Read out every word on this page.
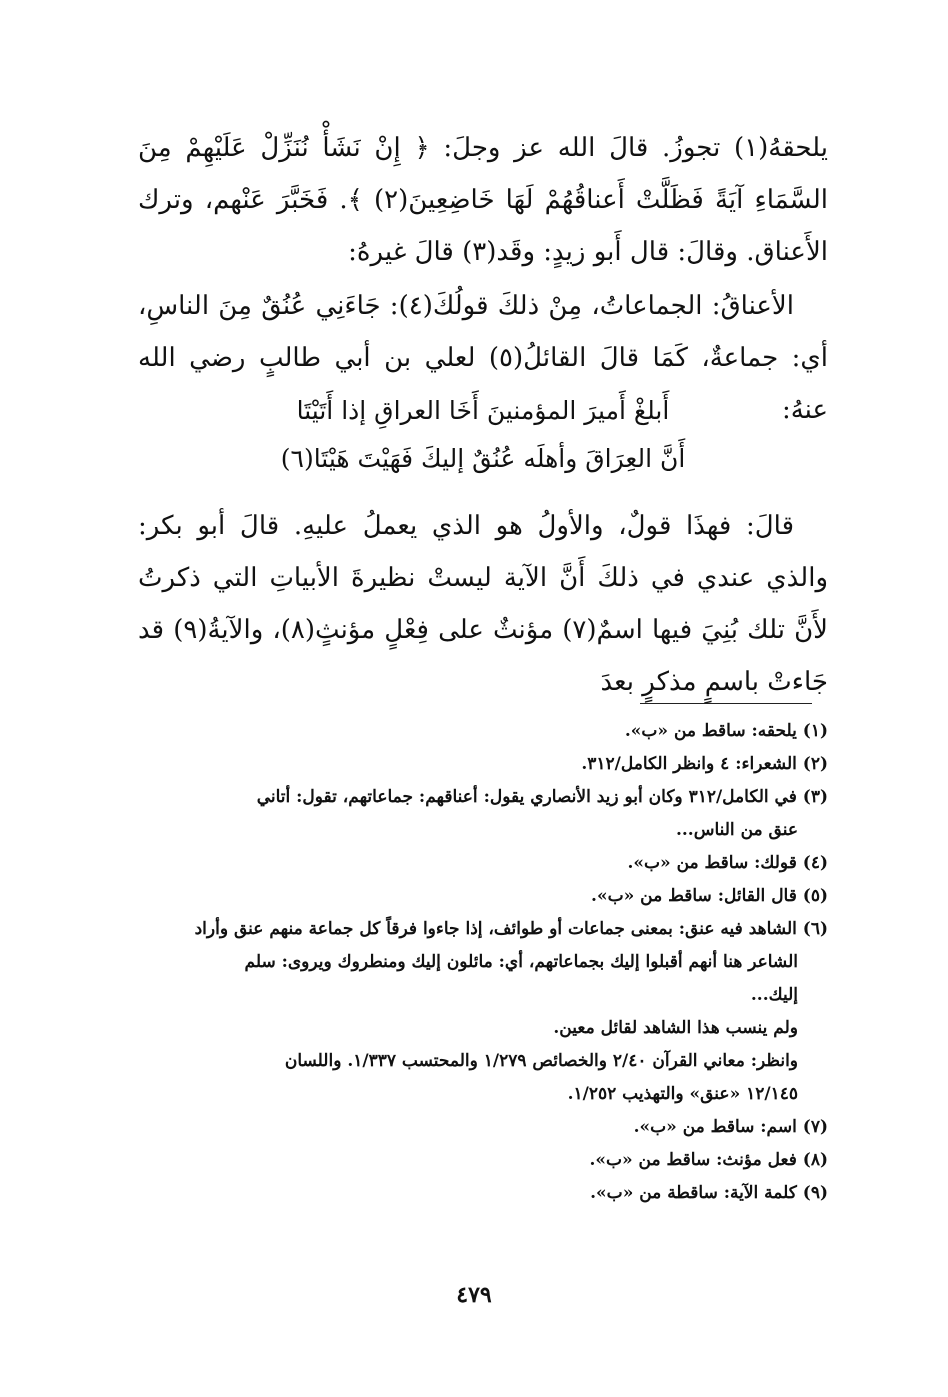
يلحقهُ(١) تجوزُ. قالَ الله عز وجلَ: ﴿ إِنْ نَشَأْ نُنَزِّلْ عَلَيْهِمْ مِنَ السَّمَاءِ آيَةً فَظَلَّتْ أَعناقُهُمْ لَهَا خَاضِعِينَ(٢) ﴾. فَخَبَّرَ عَنْهم، وترك الأَعناق. وقالَ: قال أَبو زيدٍ: وقَد(٣) قالَ غيرهُ:
الأعناقُ: الجماعاتُ، مِنْ ذلكَ قولُكَ(٤): جَاءَنِي عُنُقٌ مِنَ الناسِ، أي: جماعةٌ، كَمَا قالَ القائلُ(٥) لعلي بن أبي طالبٍ رضي الله عنهُ:
أَبلغْ أَميرَ المؤمنينَ أَخَا العراقِ إذا أَتَيْتَا
أَنَّ العِرَاقَ وأهلَه عُنُقٌ إليكَ فَهَيْتَ هَيْتَا(٦)
قالَ: فهذَا قولٌ، والأولُ هو الذي يعملُ عليهِ. قالَ أبو بكر: والذي عندي في ذلكَ أَنَّ الآية ليستْ نظيرةَ الأبياتِ التي ذكرتُ لأَنَّ تلك بُنِيَ فيها اسمٌ(٧) مؤنثٌ على فِعْلٍ مؤنثٍ(٨)، والآيةُ(٩) قد جَاءتْ باسمٍ مذكرٍ بعدَ
(١) يلحقه: ساقط من «ب».
(٢) الشعراء: ٤ وانظر الكامل/٣١٢.
(٣) في الكامل/٣١٢ وكان أبو زيد الأنصاري يقول: أعناقهم: جماعاتهم، تقول: أتاني
عنق من الناس...
(٤) قولك: ساقط من «ب».
(٥) قال القائل: ساقط من «ب».
(٦) الشاهد فيه عنق: بمعنى جماعات أو طوائف، إذا جاءوا فرقاً كل جماعة منهم عنق وأراد
الشاعر هنا أنهم أقبلوا إليك بجماعاتهم، أي: مائلون إليك ومنطروك ويروى: سلم
إليك...
ولم ينسب هذا الشاهد لقائل معين.
وانظر: معاني القرآن ٢/٤٠ والخصائص ١/٢٧٩ والمحتسب ١/٣٣٧. واللسان
١٢/١٤٥ «عنق» والتهذيب ١/٢٥٢.
(٧) اسم: ساقط من «ب».
(٨) فعل مؤنث: ساقط من «ب».
(٩) كلمة الآية: ساقطة من «ب».
٤٧٩
